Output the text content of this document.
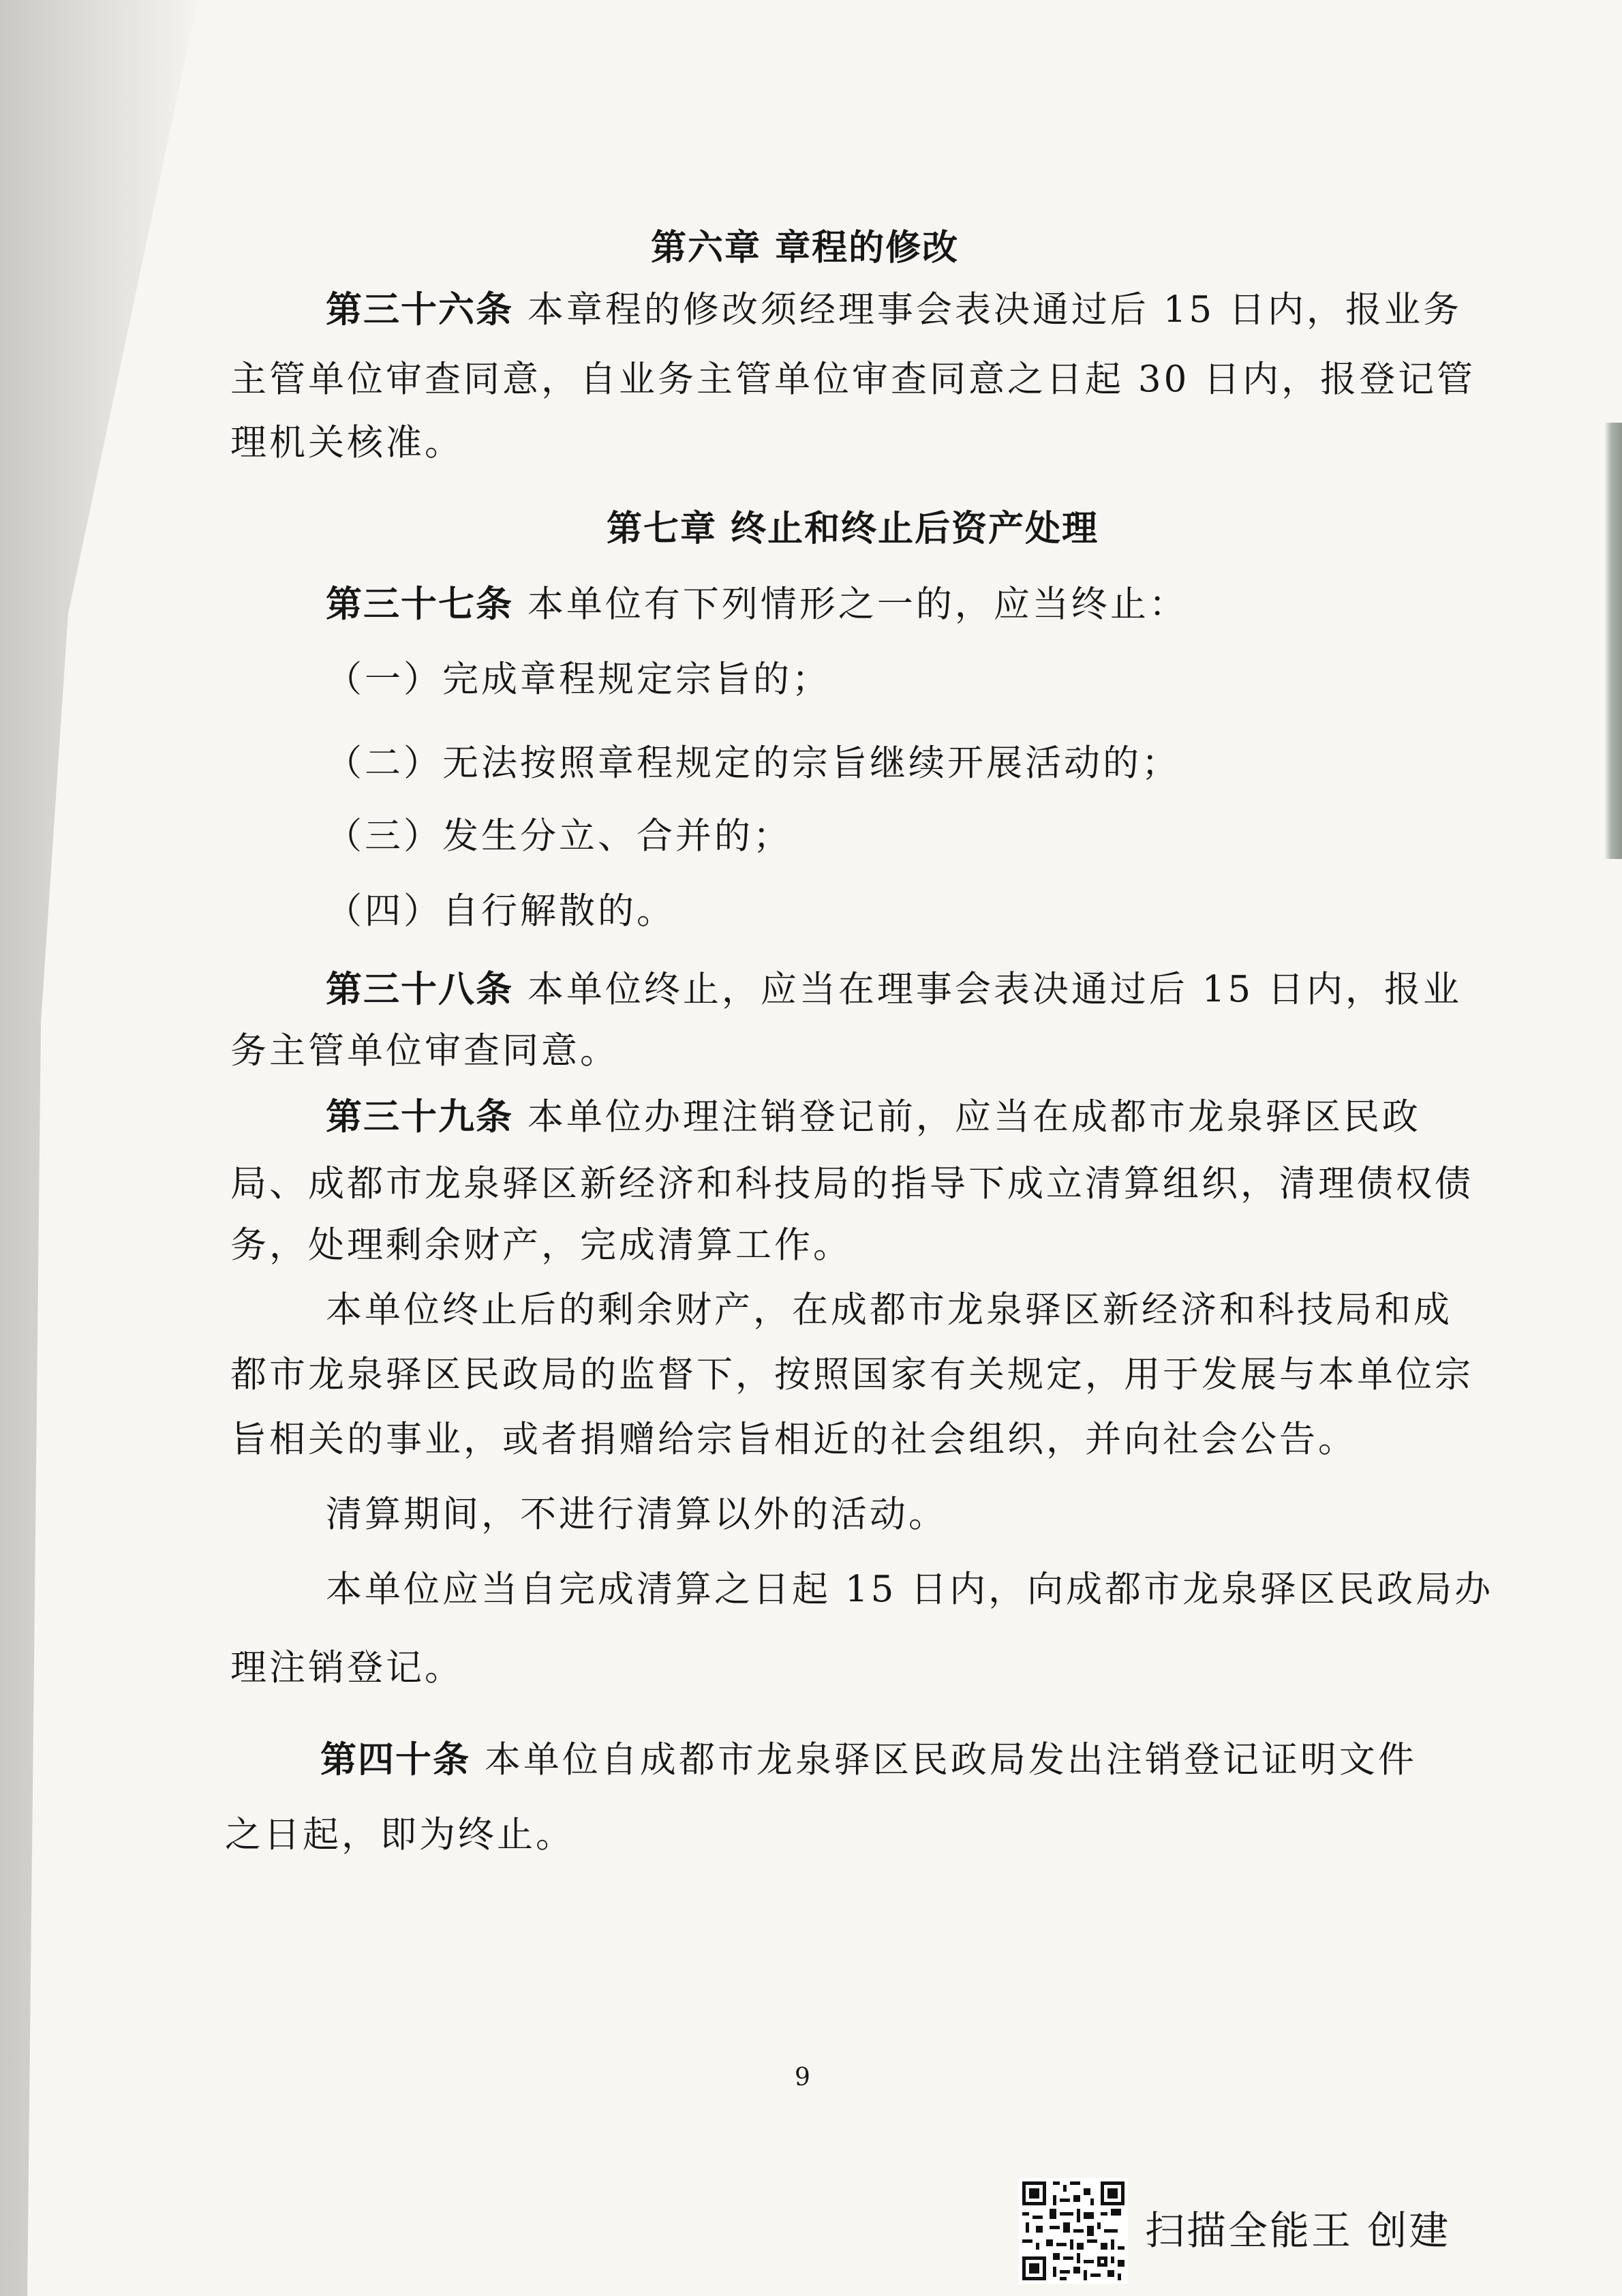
第六章 章程的修改
第三十六条 本章程的修改须经理事会表决通过后 15 日内，报业务
主管单位审查同意，自业务主管单位审查同意之日起 30 日内，报登记管
理机关核准。
第七章 终止和终止后资产处理
第三十七条 本单位有下列情形之一的，应当终止：
（一）完成章程规定宗旨的；
（二）无法按照章程规定的宗旨继续开展活动的；
（三）发生分立、合并的；
（四）自行解散的。
第三十八条 本单位终止，应当在理事会表决通过后 15 日内，报业
务主管单位审查同意。
第三十九条 本单位办理注销登记前，应当在成都市龙泉驿区民政
局、成都市龙泉驿区新经济和科技局的指导下成立清算组织，清理债权债
务，处理剩余财产，完成清算工作。
本单位终止后的剩余财产，在成都市龙泉驿区新经济和科技局和成
都市龙泉驿区民政局的监督下，按照国家有关规定，用于发展与本单位宗
旨相关的事业，或者捐赠给宗旨相近的社会组织，并向社会公告。
清算期间，不进行清算以外的活动。
本单位应当自完成清算之日起 15 日内，向成都市龙泉驿区民政局办
理注销登记。
第四十条 本单位自成都市龙泉驿区民政局发出注销登记证明文件
之日起，即为终止。
9
扫描全能王 创建
